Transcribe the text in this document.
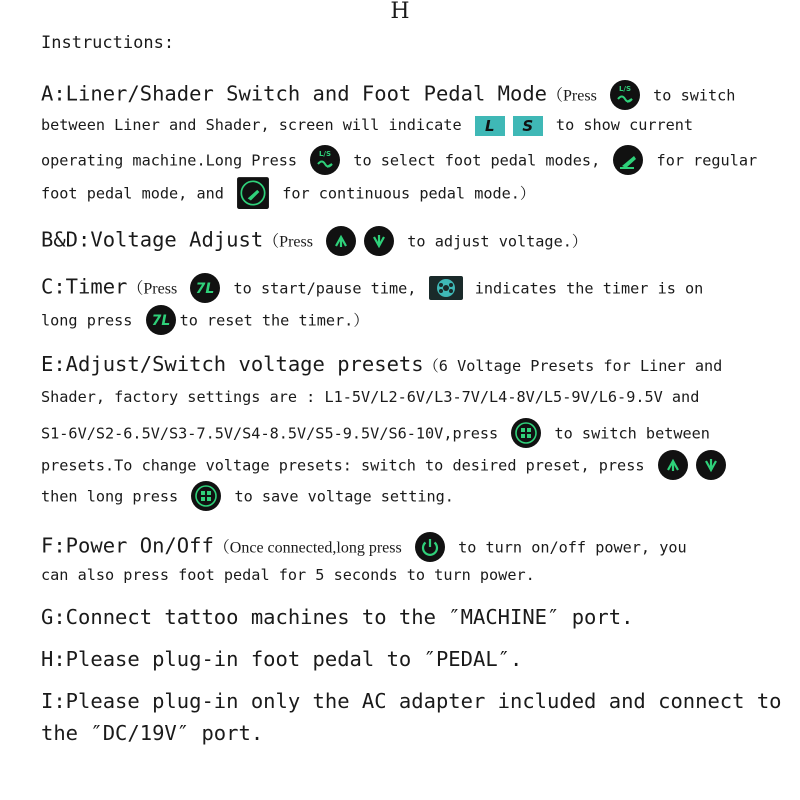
H
Instructions:
A:Liner/Shader Switch and Foot Pedal Mode（Press	to switch
between Liner and Shader, screen will indicate L S to show current
operating machine.Long Press	to select foot pedal modes,	for regular
foot pedal mode, and	for continuous pedal mode.）
B&D:Voltage Adjust（Press	to adjust voltage.）
C:Timer（Press	to start/pause time,	indicates the timer is on
long press	to reset the timer.）
E:Adjust/Switch voltage presets（6 Voltage Presets for Liner and
Shader, factory settings are : L1-5V/L2-6V/L3-7V/L4-8V/L5-9V/L6-9.5V and
S1-6V/S2-6.5V/S3-7.5V/S4-8.5V/S5-9.5V/S6-10V,press	to switch between
presets.To change voltage presets: switch to desired preset, press
then long press	to save voltage setting.
F:Power On/Off（Once connected,long press	to turn on/off power, you
can also press foot pedal for 5 seconds to turn power.
G:Connect tattoo machines to the ″MACHINE″ port.
H:Please plug-in foot pedal to ″PEDAL″.
I:Please plug-in only the AC adapter included and connect to
the ″DC/19V″ port.
